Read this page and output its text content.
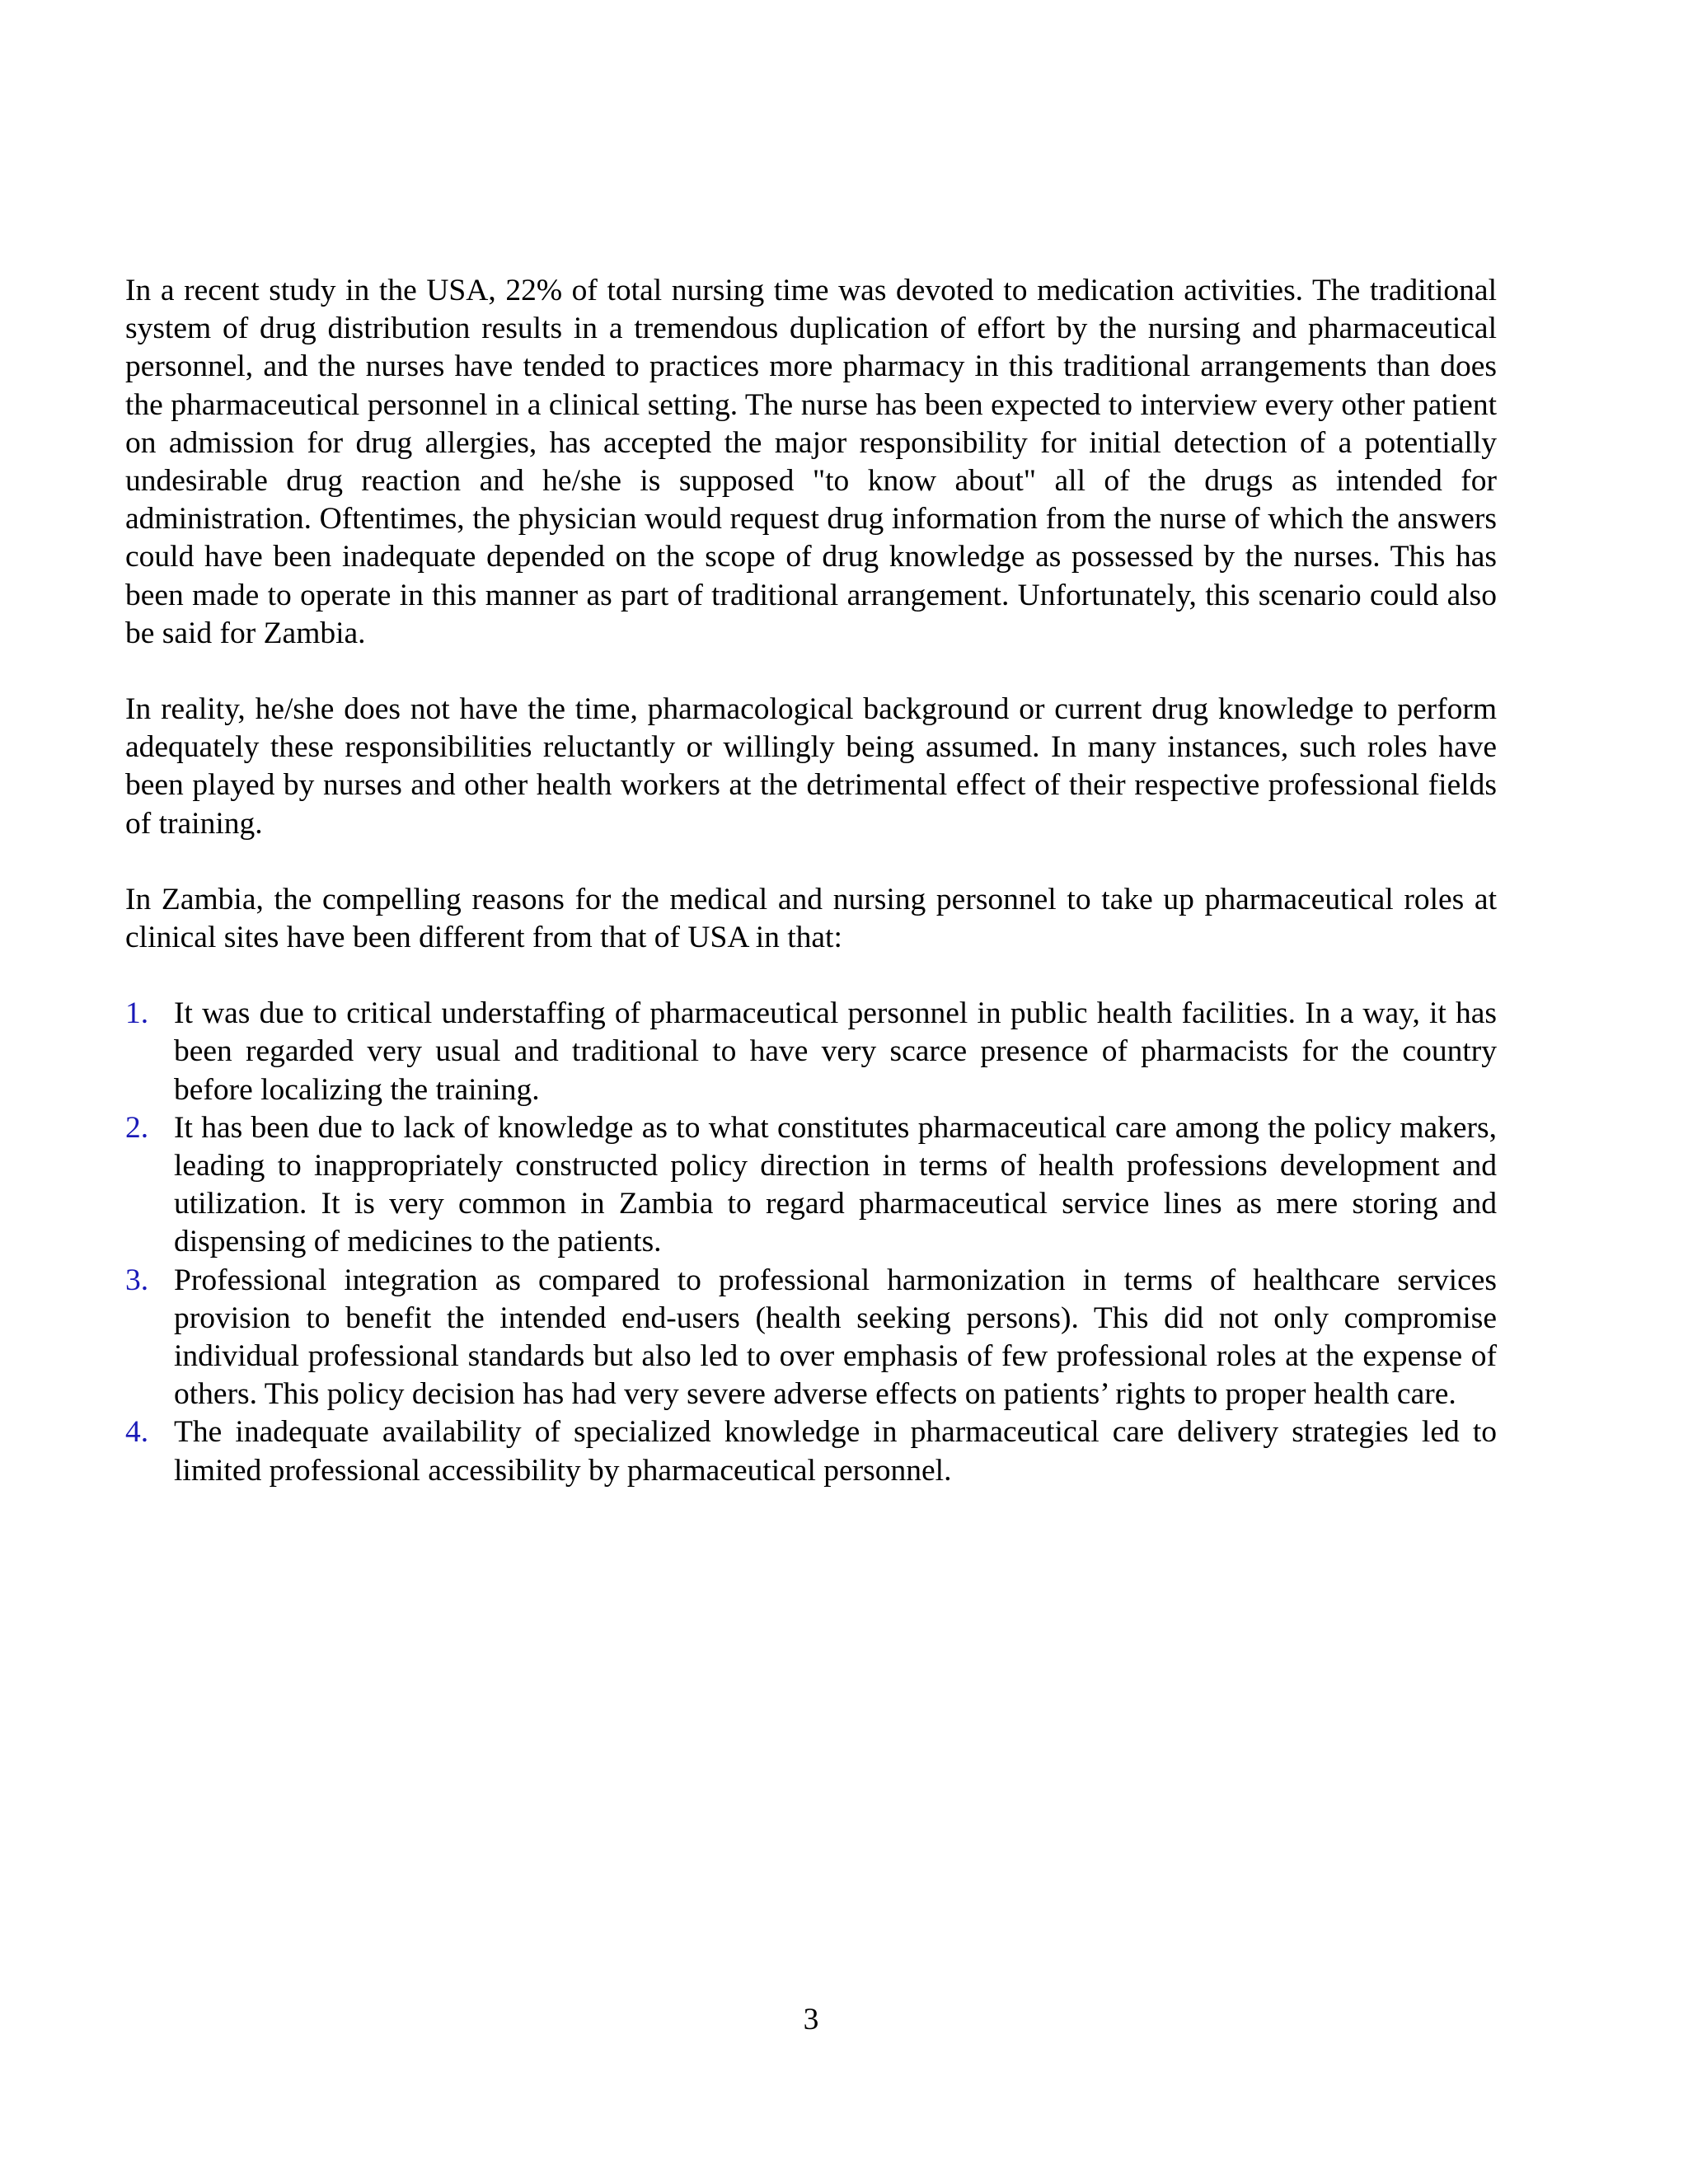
In a recent study in the USA, 22% of total nursing time was devoted to medication activities. The traditional system of drug distribution results in a tremendous duplication of effort by the nursing and pharmaceutical personnel, and the nurses have tended to practices more pharmacy in this traditional arrangements than does the pharmaceutical personnel in a clinical setting. The nurse has been expected to interview every other patient on admission for drug allergies, has accepted the major responsibility for initial detection of a potentially undesirable drug reaction and he/she is supposed "to know about" all of the drugs as intended for administration. Oftentimes, the physician would request drug information from the nurse of which the answers could have been inadequate depended on the scope of drug knowledge as possessed by the nurses. This has been made to operate in this manner as part of traditional arrangement. Unfortunately, this scenario could also be said for Zambia.

In reality, he/she does not have the time, pharmacological background or current drug knowledge to perform adequately these responsibilities reluctantly or willingly being assumed. In many instances, such roles have been played by nurses and other health workers at the detrimental effect of their respective professional fields of training.

In Zambia, the compelling reasons for the medical and nursing personnel to take up pharmaceutical roles at clinical sites have been different from that of USA in that:

1. It was due to critical understaffing of pharmaceutical personnel in public health facilities. In a way, it has been regarded very usual and traditional to have very scarce presence of pharmacists for the country before localizing the training.
2. It has been due to lack of knowledge as to what constitutes pharmaceutical care among the policy makers, leading to inappropriately constructed policy direction in terms of health professions development and utilization. It is very common in Zambia to regard pharmaceutical service lines as mere storing and dispensing of medicines to the patients.
3. Professional integration as compared to professional harmonization in terms of healthcare services provision to benefit the intended end-users (health seeking persons). This did not only compromise individual professional standards but also led to over emphasis of few professional roles at the expense of others. This policy decision has had very severe adverse effects on patients’ rights to proper health care.
4. The inadequate availability of specialized knowledge in pharmaceutical care delivery strategies led to limited professional accessibility by pharmaceutical personnel.
3
